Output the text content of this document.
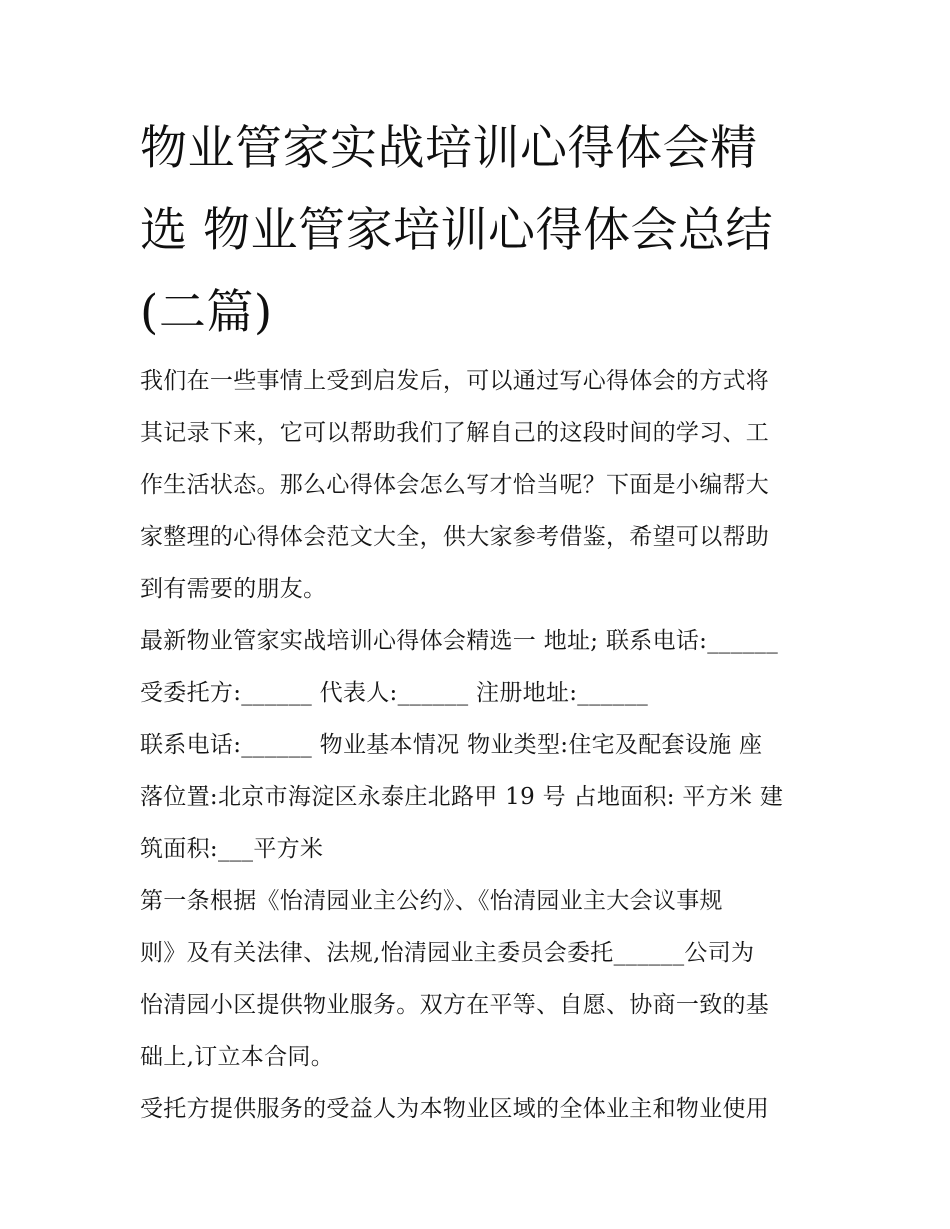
物业管家实战培训心得体会精
选 物业管家培训心得体会总结
(二篇)
我们在一些事情上受到启发后，可以通过写心得体会的方式将
其记录下来，它可以帮助我们了解自己的这段时间的学习、工
作生活状态。那么心得体会怎么写才恰当呢？下面是小编帮大
家整理的心得体会范文大全，供大家参考借鉴，希望可以帮助
到有需要的朋友。
最新物业管家实战培训心得体会精选一 地址; 联系电话:______
受委托方:______ 代表人:______ 注册地址:______
联系电话:______ 物业基本情况 物业类型:住宅及配套设施 座
落位置:北京市海淀区永泰庄北路甲 19 号 占地面积: 平方米 建
筑面积:___平方米
第一条根据《怡清园业主公约》、《怡清园业主大会议事规
则》及有关法律、法规,怡清园业主委员会委托______公司为
怡清园小区提供物业服务。双方在平等、自愿、协商一致的基
础上,订立本合同。
受托方提供服务的受益人为本物业区域的全体业主和物业使用
